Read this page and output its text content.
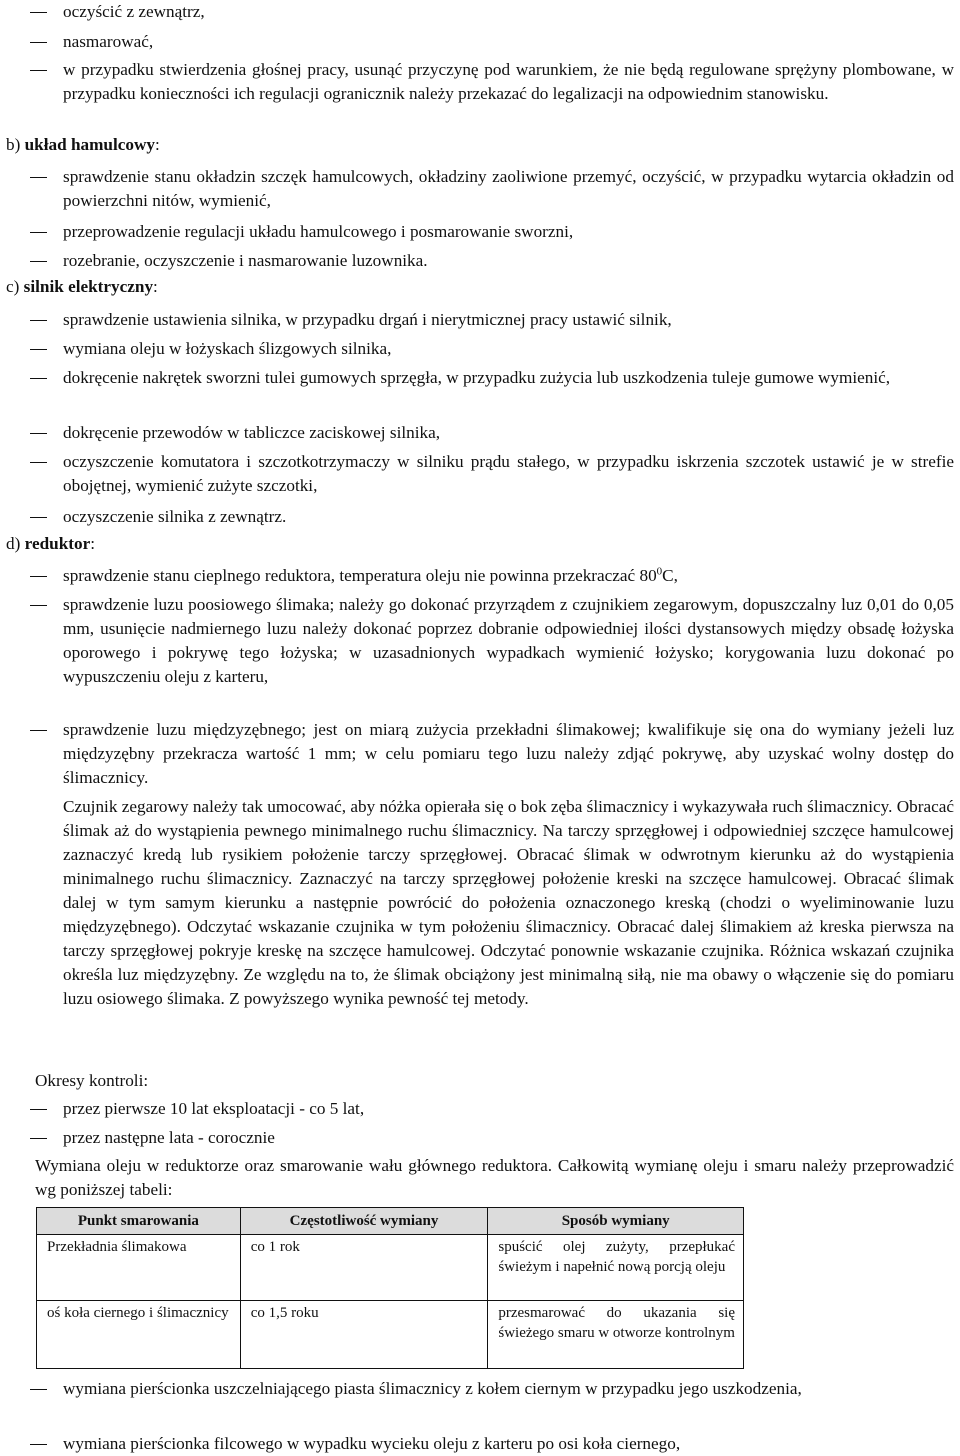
oczyścić z zewnątrz,
nasmarować,
w przypadku stwierdzenia głośnej pracy, usunąć przyczynę pod warunkiem, że nie będą regulowane sprężyny plombowane, w przypadku konieczności ich regulacji ogranicznik należy przekazać do legalizacji na odpowiednim stanowisku.
b) układ hamulcowy:
sprawdzenie stanu okładzin szczęk hamulcowych, okładziny zaoliwione przemyć, oczyścić, w przypadku wytarcia okładzin od powierzchni nitów, wymienić,
przeprowadzenie regulacji układu hamulcowego i posmarowanie sworzni,
rozebranie, oczyszczenie i nasmarowanie luzownika.
c) silnik elektryczny:
sprawdzenie ustawienia silnika, w przypadku drgań i nierytmicznej pracy ustawić silnik,
wymiana oleju w łożyskach ślizgowych silnika,
dokręcenie nakrętek sworzni tulei gumowych sprzęgła, w przypadku zużycia lub uszkodzenia tuleje gumowe wymienić,
dokręcenie przewodów w tabliczce zaciskowej silnika,
oczyszczenie komutatora i szczotkotrzymaczy w silniku prądu stałego, w przypadku iskrzenia szczotek ustawić je w strefie obojętnej, wymienić zużyte szczotki,
oczyszczenie silnika z zewnątrz.
d) reduktor:
sprawdzenie stanu cieplnego reduktora, temperatura oleju nie powinna przekraczać $80^0C$,
sprawdzenie luzu poosiowego ślimaka; należy go dokonać przyrządem z czujnikiem zegarowym, dopuszczalny luz 0,01 do 0,05 mm, usunięcie nadmiernego luzu należy dokonać poprzez dobranie odpowiedniej ilości dystansowych między obsadę łożyska oporowego i pokrywę tego łożyska; w uzasadnionych wypadkach wymienić łożysko; korygowania luzu dokonać po wypuszczeniu oleju z karteru,
sprawdzenie luzu międzyzębnego; jest on miarą zużycia przekładni ślimakowej; kwalifikuje się ona do wymiany jeżeli luz międzyzębny przekracza wartość 1 mm; w celu pomiaru tego luzu należy zdjąć pokrywę, aby uzyskać wolny dostęp do ślimacznicy.
Czujnik zegarowy należy tak umocować, aby nóżka opierała się o bok zęba ślimacznicy i wykazywała ruch ślimacznicy. Obracać ślimak aż do wystąpienia pewnego minimalnego ruchu ślimacznicy. Na tarczy sprzęgłowej i odpowiedniej szczęce hamulcowej zaznaczyć kredą lub rysikiem położenie tarczy sprzęgłowej. Obracać ślimak w odwrotnym kierunku aż do wystąpienia minimalnego ruchu ślimacznicy. Zaznaczyć na tarczy sprzęgłowej położenie kreski na szczęce hamulcowej. Obracać ślimak dalej w tym samym kierunku a następnie powrócić do położenia oznaczonego kreską (chodzi o wyeliminowanie luzu międzyzębnego). Odczytać wskazanie czujnika w tym położeniu ślimacznicy. Obracać dalej ślimakiem aż kreska pierwsza na tarczy sprzęgłowej pokryje kreskę na szczęce hamulcowej. Odczytać ponownie wskazanie czujnika. Różnica wskazań czujnika określa luz międzyzębny. Ze względu na to, że ślimak obciążony jest minimalną siłą, nie ma obawy o włączenie się do pomiaru luzu osiowego ślimaka. Z powyższego wynika pewność tej metody.
Okresy kontroli:
przez pierwsze 10 lat eksploatacji - co 5 lat,
przez następne lata - corocznie
Wymiana oleju w reduktorze oraz smarowanie wału głównego reduktora. Całkowitą wymianę oleju i smaru należy przeprowadzić wg poniższej tabeli:
Punkt smarowania	Częstotliwość wymiany	Sposób wymiany
Przekładnia ślimakowa	co 1 rok	spuścić olej zużyty, przepłukać świeżym i napełnić nową porcją oleju
oś koła ciernego i ślimacznicy	co 1,5 roku	przesmarować do ukazania się świeżego smaru w otworze kontrolnym
wymiana pierścionka uszczelniającego piasta ślimacznicy z kołem ciernym w przypadku jego uszkodzenia,
wymiana pierścionka filcowego w wypadku wycieku oleju z karteru po osi koła ciernego,
